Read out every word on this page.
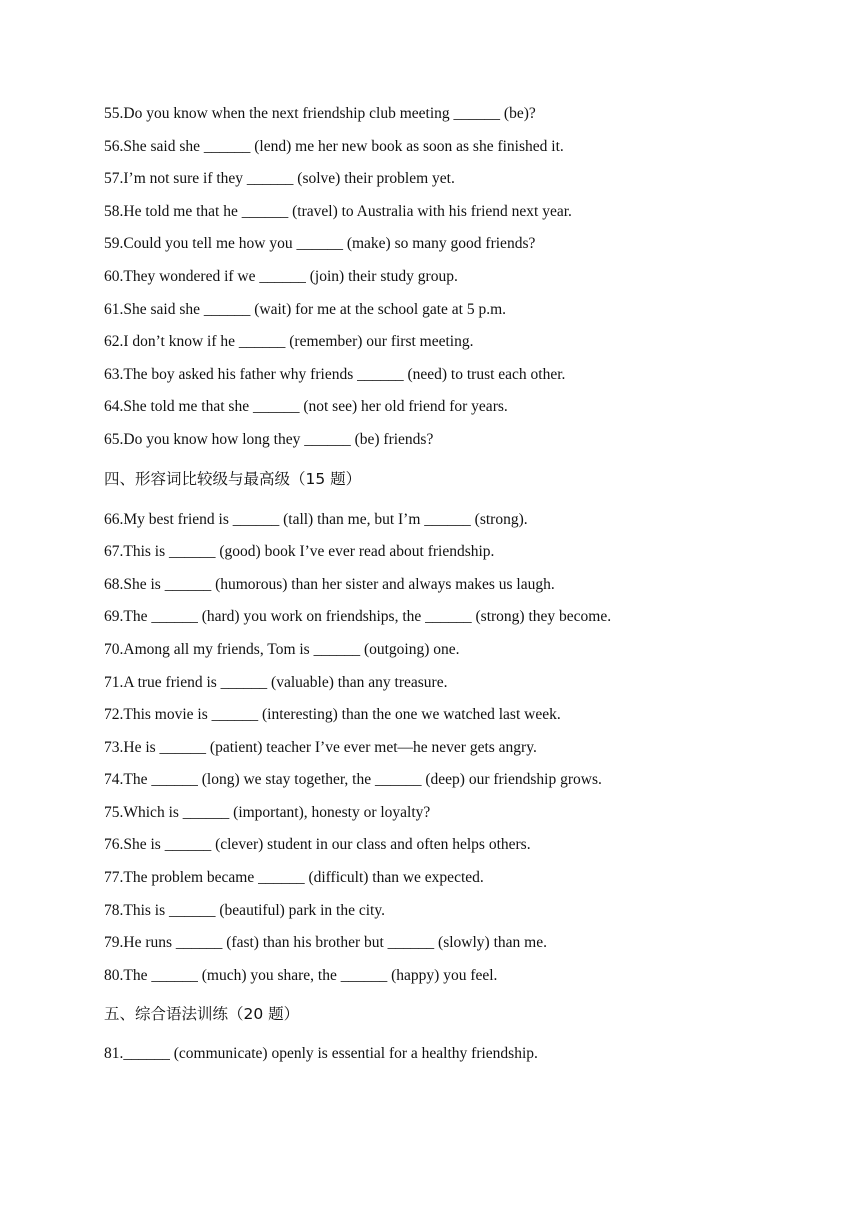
55.Do you know when the next friendship club meeting ______ (be)?
56.She said she ______ (lend) me her new book as soon as she finished it.
57.I’m not sure if they ______ (solve) their problem yet.
58.He told me that he ______ (travel) to Australia with his friend next year.
59.Could you tell me how you ______ (make) so many good friends?
60.They wondered if we ______ (join) their study group.
61.She said she ______ (wait) for me at the school gate at 5 p.m.
62.I don’t know if he ______ (remember) our first meeting.
63.The boy asked his father why friends ______ (need) to trust each other.
64.She told me that she ______ (not see) her old friend for years.
65.Do you know how long they ______ (be) friends?
四、形容词比较级与最高级（15 题）
66.My best friend is ______ (tall) than me, but I’m ______ (strong).
67.This is ______ (good) book I’ve ever read about friendship.
68.She is ______ (humorous) than her sister and always makes us laugh.
69.The ______ (hard) you work on friendships, the ______ (strong) they become.
70.Among all my friends, Tom is ______ (outgoing) one.
71.A true friend is ______ (valuable) than any treasure.
72.This movie is ______ (interesting) than the one we watched last week.
73.He is ______ (patient) teacher I’ve ever met—he never gets angry.
74.The ______ (long) we stay together, the ______ (deep) our friendship grows.
75.Which is ______ (important), honesty or loyalty?
76.She is ______ (clever) student in our class and often helps others.
77.The problem became ______ (difficult) than we expected.
78.This is ______ (beautiful) park in the city.
79.He runs ______ (fast) than his brother but ______ (slowly) than me.
80.The ______ (much) you share, the ______ (happy) you feel.
五、综合语法训练（20 题）
81.______ (communicate) openly is essential for a healthy friendship.
